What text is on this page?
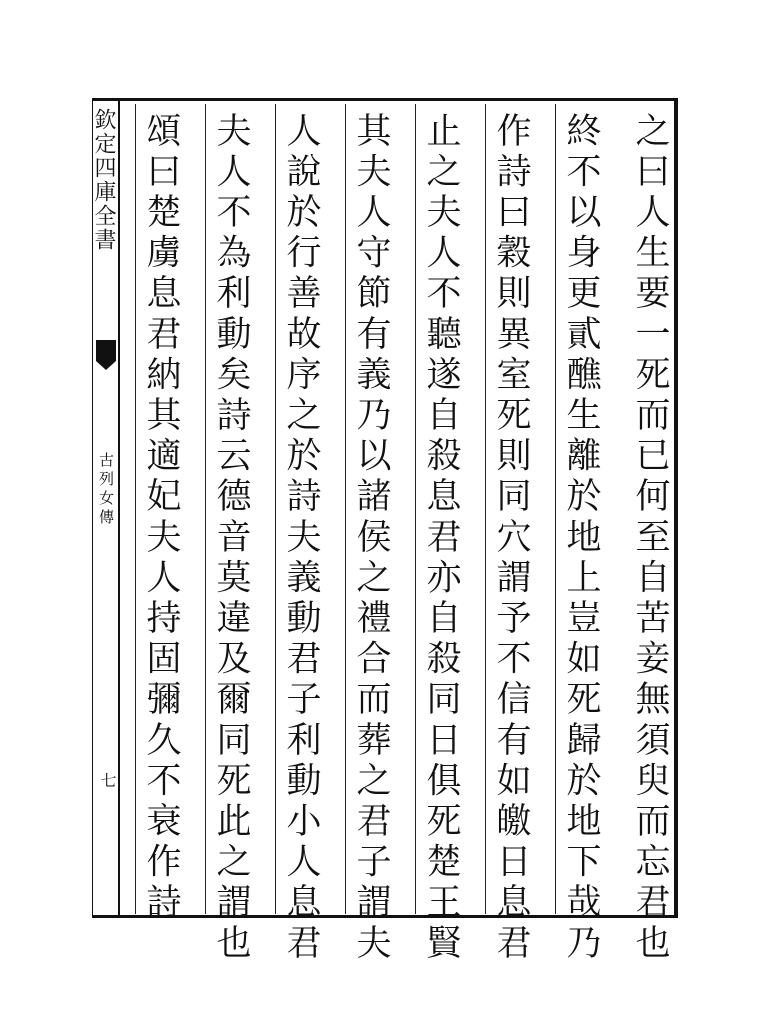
欽定四庫全書
古列女傳
七	之曰人生要一死而已何至自苦妾無須臾而忘君也
終不以身更貳醮生離於地上豈如死歸於地下哉乃
作詩曰穀則異室死則同穴謂予不信有如皦日息君
止之夫人不聽遂自殺息君亦自殺同日俱死楚王賢
其夫人守節有義乃以諸侯之禮合而葬之君子謂夫
人說於行善故序之於詩夫義動君子利動小人息君
夫人不為利動矣詩云德音莫違及爾同死此之謂也
頌曰楚虜息君納其適妃夫人持固彌久不衰作詩
